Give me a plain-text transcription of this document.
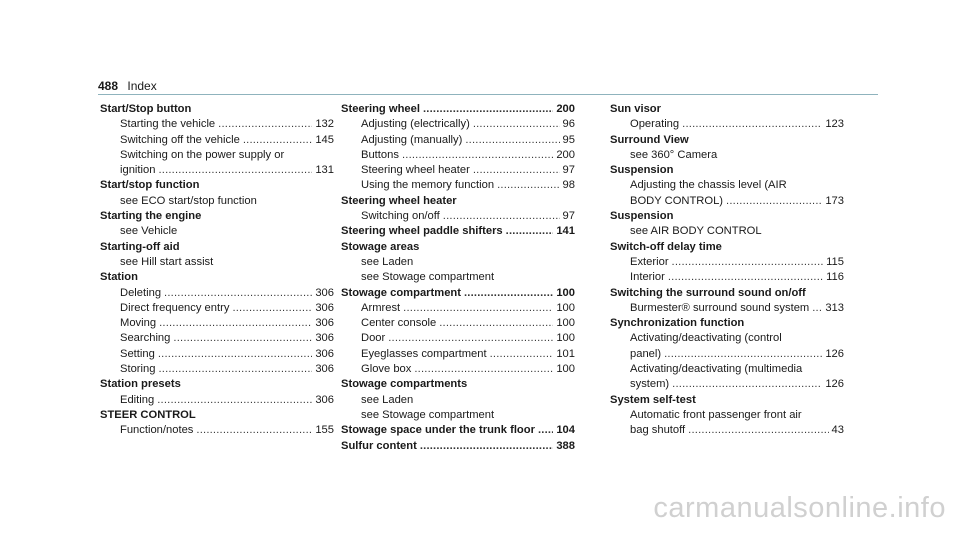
488 Index
Start/Stop button
Starting the vehicle .....	132
Switching off the vehicle .....	145
Switching on the power supply or
ignition .....	131
Start/stop function
see ECO start/stop function
Starting the engine
see Vehicle
Starting-off aid
see Hill start assist
Station
Deleting .....	306
Direct frequency entry .....	306
Moving .....	306
Searching .....	306
Setting .....	306
Storing .....	306
Station presets
Editing .....	306
STEER CONTROL
Function/notes .....	155
Steering wheel .....	200
Adjusting (electrically) .....	96
Adjusting (manually) .....	95
Buttons .....	200
Steering wheel heater .....	97
Using the memory function .....	98
Steering wheel heater
Switching on/off .....	97
Steering wheel paddle shifters .....	141
Stowage areas
see Laden
see Stowage compartment
Stowage compartment .....	100
Armrest .....	100
Center console .....	100
Door .....	100
Eyeglasses compartment .....	101
Glove box .....	100
Stowage compartments
see Laden
see Stowage compartment
Stowage space under the trunk floor ..... 104
Sulfur content .....	388
Sun visor
Operating .....	123
Surround View
see 360° Camera
Suspension
Adjusting the chassis level (AIR
BODY CONTROL) .....	173
Suspension
see AIR BODY CONTROL
Switch-off delay time
Exterior .....	115
Interior .....	116
Switching the surround sound on/off
Burmester® surround sound system ..... 313
Synchronization function
Activating/deactivating (control
panel) .....	126
Activating/deactivating (multimedia
system) .....	126
System self-test
Automatic front passenger front air
bag shutoff .....	43
carmanualsonline.info
